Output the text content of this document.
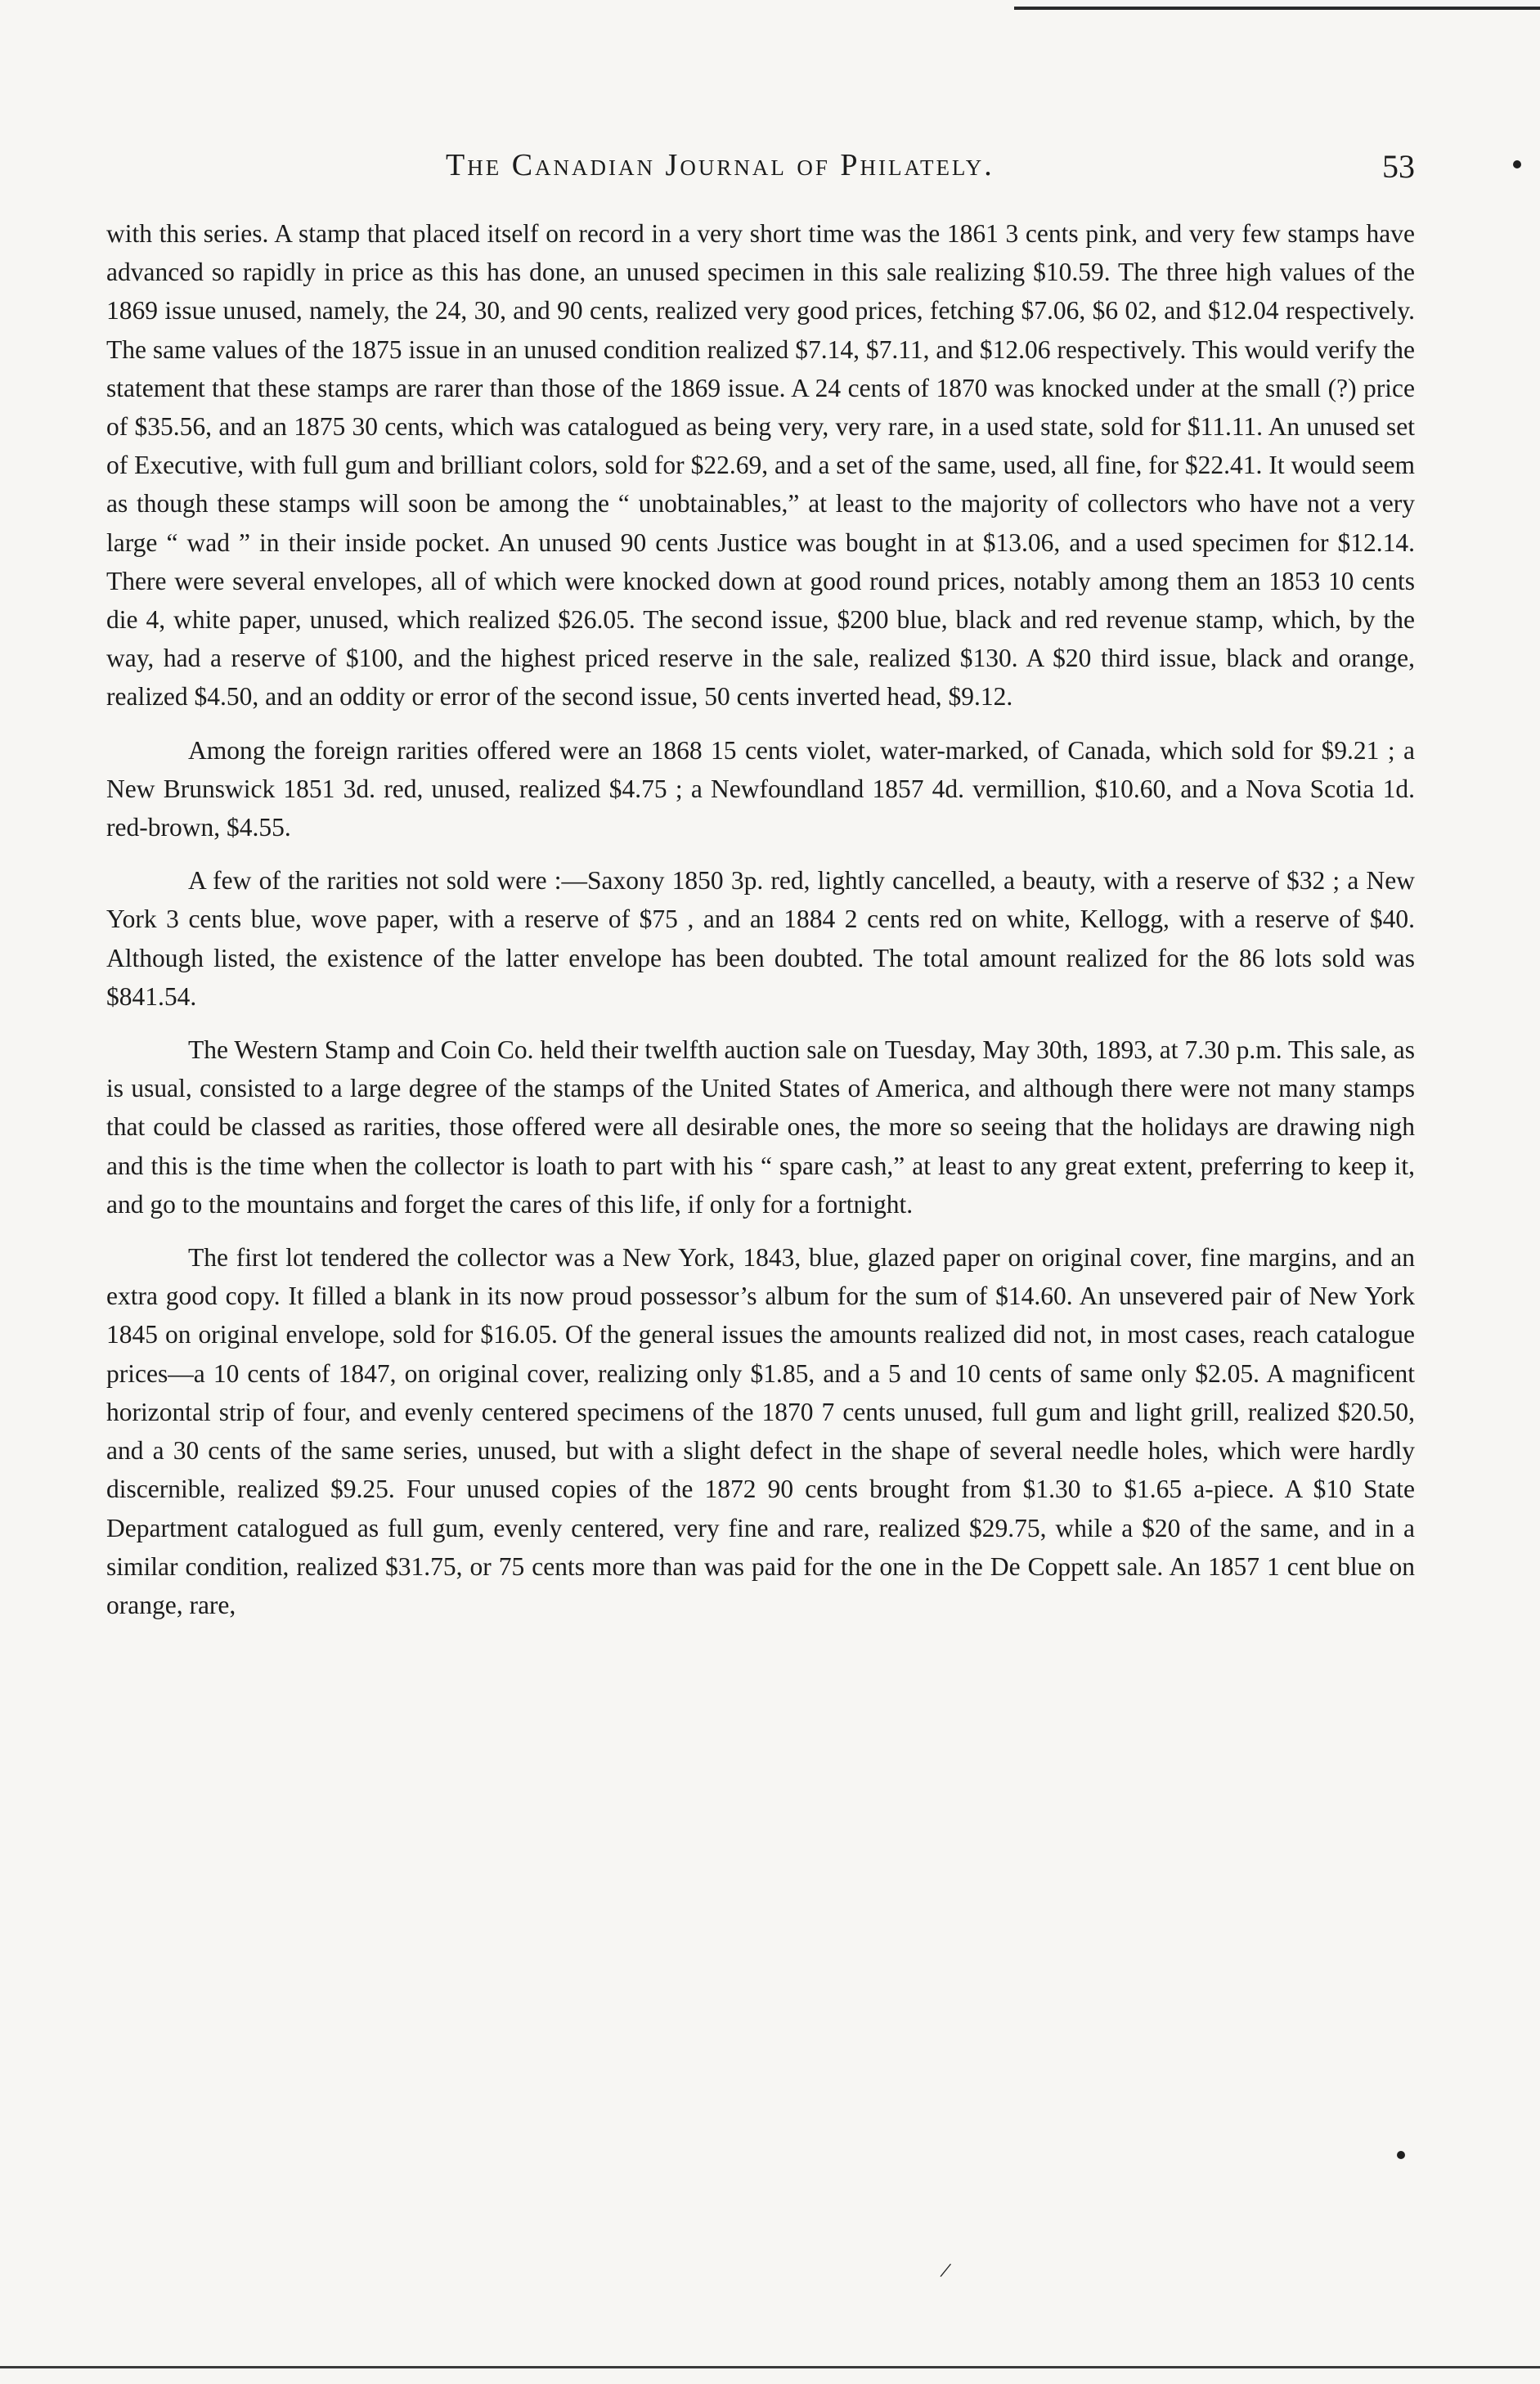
The Canadian Journal of Philately.	53

with this series. A stamp that placed itself on record in a very short time was the 1861 3 cents pink, and very few stamps have advanced so rapidly in price as this has done, an unused specimen in this sale realizing $10.59. The three high values of the 1869 issue unused, namely, the 24, 30, and 90 cents, realized very good prices, fetching $7.06, $6 02, and $12.04 respectively. The same values of the 1875 issue in an unused condition realized $7.14, $7.11, and $12.06 respectively. This would verify the statement that these stamps are rarer than those of the 1869 issue. A 24 cents of 1870 was knocked under at the small (?) price of $35.56, and an 1875 30 cents, which was catalogued as being very, very rare, in a used state, sold for $11.11. An unused set of Executive, with full gum and brilliant colors, sold for $22.69, and a set of the same, used, all fine, for $22.41. It would seem as though these stamps will soon be among the “ unobtainables,” at least to the majority of collectors who have not a very large “ wad ” in their inside pocket. An unused 90 cents Justice was bought in at $13.06, and a used specimen for $12.14. There were several envelopes, all of which were knocked down at good round prices, notably among them an 1853 10 cents die 4, white paper, unused, which realized $26.05. The second issue, $200 blue, black and red revenue stamp, which, by the way, had a reserve of $100, and the highest priced reserve in the sale, realized $130. A $20 third issue, black and orange, realized $4.50, and an oddity or error of the second issue, 50 cents inverted head, $9.12.

Among the foreign rarities offered were an 1868 15 cents violet, water-marked, of Canada, which sold for $9.21 ; a New Brunswick 1851 3d. red, unused, realized $4.75 ; a Newfoundland 1857 4d. vermillion, $10.60, and a Nova Scotia 1d. red-brown, $4.55.

A few of the rarities not sold were :—Saxony 1850 3p. red, lightly cancelled, a beauty, with a reserve of $32 ; a New York 3 cents blue, wove paper, with a reserve of $75 , and an 1884 2 cents red on white, Kellogg, with a reserve of $40. Although listed, the existence of the latter envelope has been doubted. The total amount realized for the 86 lots sold was $841.54.

The Western Stamp and Coin Co. held their twelfth auction sale on Tuesday, May 30th, 1893, at 7.30 p.m. This sale, as is usual, consisted to a large degree of the stamps of the United States of America, and although there were not many stamps that could be classed as rarities, those offered were all desirable ones, the more so seeing that the holidays are drawing nigh and this is the time when the collector is loath to part with his “ spare cash,” at least to any great extent, preferring to keep it, and go to the mountains and forget the cares of this life, if only for a fortnight.

The first lot tendered the collector was a New York, 1843, blue, glazed paper on original cover, fine margins, and an extra good copy. It filled a blank in its now proud possessor’s album for the sum of $14.60. An unsevered pair of New York 1845 on original envelope, sold for $16.05. Of the general issues the amounts realized did not, in most cases, reach catalogue prices—a 10 cents of 1847, on original cover, realizing only $1.85, and a 5 and 10 cents of same only $2.05. A magnificent horizontal strip of four, and evenly centered specimens of the 1870 7 cents unused, full gum and light grill, realized $20.50, and a 30 cents of the same series, unused, but with a slight defect in the shape of several needle holes, which were hardly discernible, realized $9.25. Four unused copies of the 1872 90 cents brought from $1.30 to $1.65 a-piece. A $10 State Department catalogued as full gum, evenly centered, very fine and rare, realized $29.75, while a $20 of the same, and in a similar condition, realized $31.75, or 75 cents more than was paid for the one in the De Coppett sale. An 1857 1 cent blue on orange, rare,

/
